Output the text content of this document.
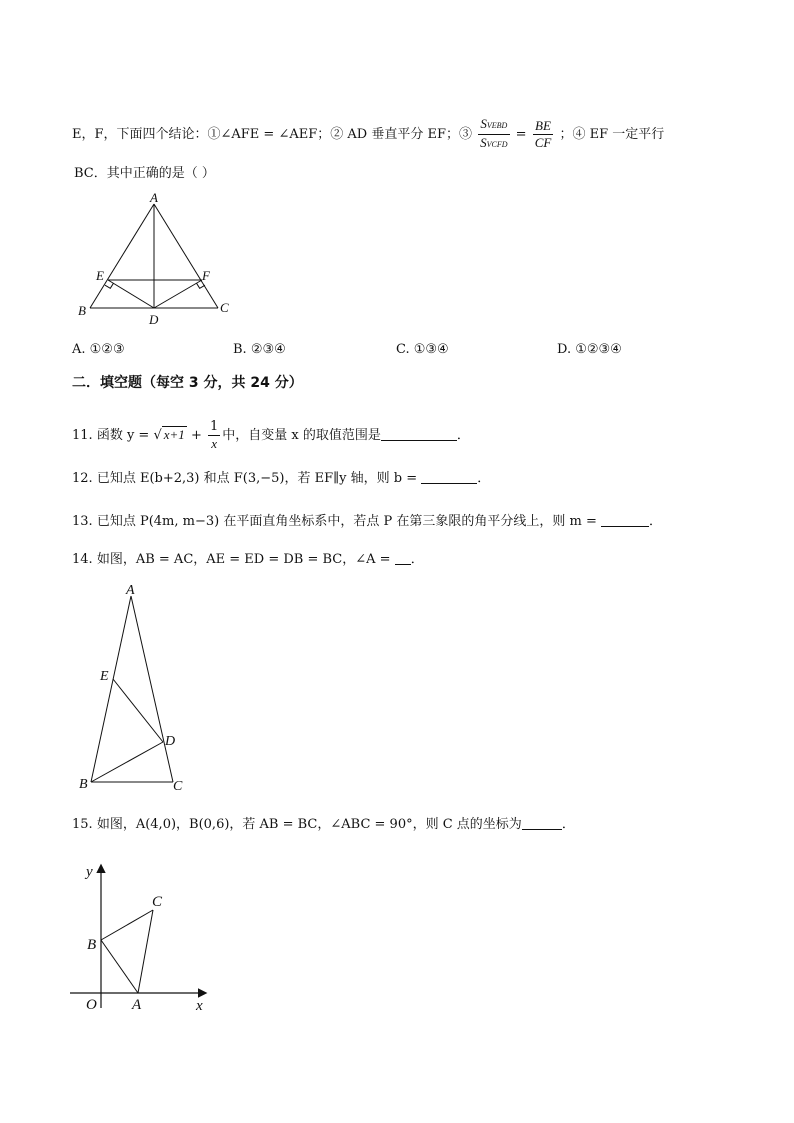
E，F，下面四个结论：①∠AFE = ∠AEF；② AD 垂直平分 EF；③ $\frac{\text{SVEBD}}{\text{SVCFD}} = \frac{BE}{CF}$ ；④ EF 一定平行
BC．其中正确的是（ ）
A
E	F
B	C
D
A. ①②③	B. ②③④	C. ①③④	D. ①②③④
二．填空题（每空 3 分，共 24 分）
11. 函数 y = √ $x+1 + \frac{1}{x}$ 中，自变量 x 的取值范围是	．
12. 已知点 E(b+2,3) 和点 F(3,−5)，若 EF∥y 轴，则 b =	．
13. 已知点 P(4m, m−3) 在平面直角坐标系中，若点 P 在第三象限的角平分线上，则 m =	．
14. 如图，AB = AC，AE = ED = DB = BC，∠A = ．
A
E
D
B	C
15. 如图，A(4,0)，B(0,6)，若 AB = BC，∠ABC = 90°，则 C 点的坐标为	．
y
x
O A
B
C
